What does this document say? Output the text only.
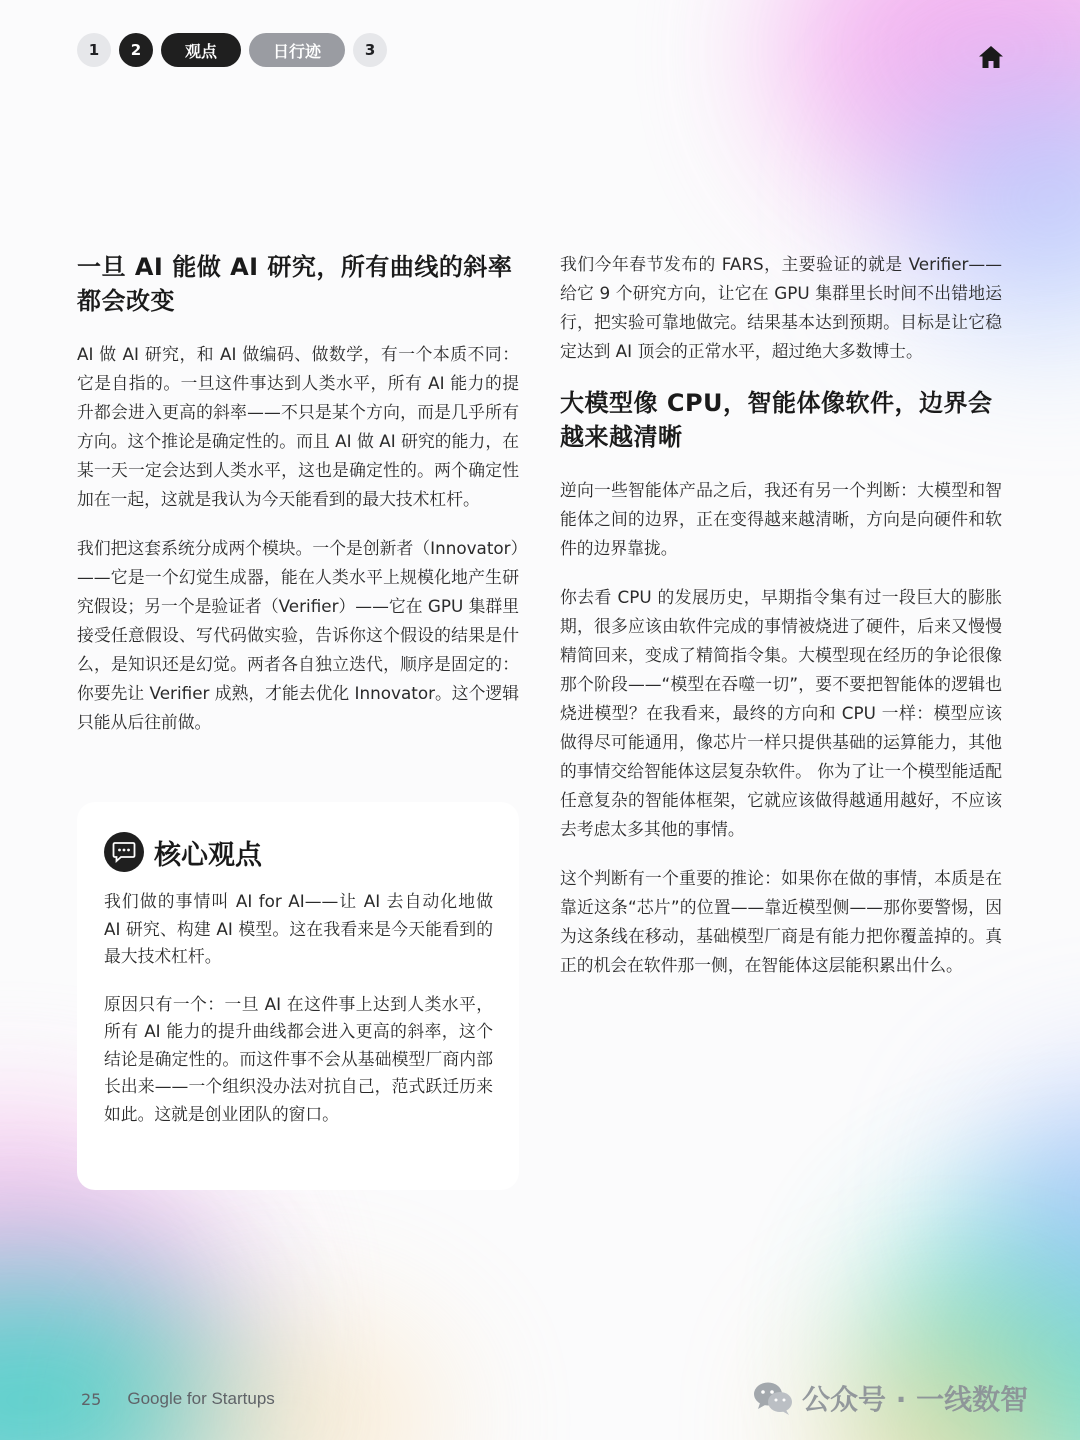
1	2	观点	日行迹	3
一旦 AI 能做 AI 研究，所有曲线的斜率都会改变

AI 做 AI 研究，和 AI 做编码、做数学，有一个本质不同：它是自指的。一旦这件事达到人类水平，所有 AI 能力的提升都会进入更高的斜率——不只是某个方向，而是几乎所有方向。这个推论是确定性的。而且 AI 做 AI 研究的能力，在某一天一定会达到人类水平，这也是确定性的。两个确定性加在一起，这就是我认为今天能看到的最大技术杠杆。

我们把这套系统分成两个模块。一个是创新者（Innovator）——它是一个幻觉生成器，能在人类水平上规模化地产生研究假设；另一个是验证者（Verifier）——它在 GPU 集群里接受任意假设、写代码做实验，告诉你这个假设的结果是什么，是知识还是幻觉。两者各自独立迭代，顺序是固定的：你要先让 Verifier 成熟，才能去优化 Innovator。这个逻辑只能从后往前做。

核心观点

我们做的事情叫 AI for AI——让 AI 去自动化地做 AI 研究、构建 AI 模型。这在我看来是今天能看到的最大技术杠杆。

原因只有一个：一旦 AI 在这件事上达到人类水平，所有 AI 能力的提升曲线都会进入更高的斜率，这个结论是确定性的。而这件事不会从基础模型厂商内部长出来——一个组织没办法对抗自己，范式跃迁历来如此。这就是创业团队的窗口。

我们今年春节发布的 FARS，主要验证的就是 Verifier——给它 9 个研究方向，让它在 GPU 集群里长时间不出错地运行，把实验可靠地做完。结果基本达到预期。目标是让它稳定达到 AI 顶会的正常水平，超过绝大多数博士。

大模型像 CPU，智能体像软件，边界会越来越清晰

逆向一些智能体产品之后，我还有另一个判断：大模型和智能体之间的边界，正在变得越来越清晰，方向是向硬件和软件的边界靠拢。

你去看 CPU 的发展历史，早期指令集有过一段巨大的膨胀期，很多应该由软件完成的事情被烧进了硬件，后来又慢慢精简回来，变成了精简指令集。大模型现在经历的争论很像那个阶段——“模型在吞噬一切”，要不要把智能体的逻辑也烧进模型？在我看来，最终的方向和 CPU 一样：模型应该做得尽可能通用，像芯片一样只提供基础的运算能力，其他的事情交给智能体这层复杂软件。 你为了让一个模型能适配任意复杂的智能体框架，它就应该做得越通用越好，不应该去考虑太多其他的事情。

这个判断有一个重要的推论：如果你在做的事情，本质是在靠近这条“芯片”的位置——靠近模型侧——那你要警惕，因为这条线在移动，基础模型厂商是有能力把你覆盖掉的。真正的机会在软件那一侧，在智能体这层能积累出什么。

25 Google for Startups	公众号 · 一线数智
